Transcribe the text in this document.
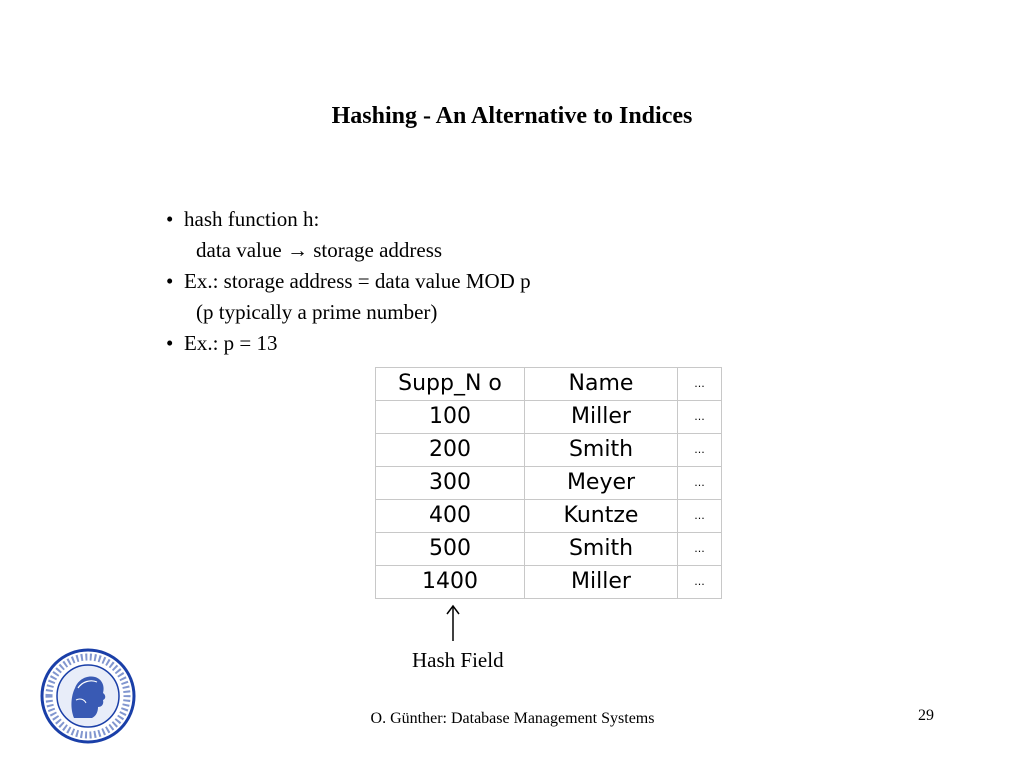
Hashing - An Alternative to Indices
• hash function h:
data value → storage address
• Ex.: storage address = data value MOD p
(p typically a prime number)
• Ex.: p = 13
Supp_N o	Name	...
100	Miller	...
200	Smith	...
300	Meyer	...
400	Kuntze	...
500	Smith	...
1400	Miller	...
Hash Field
O. Günther: Database Management Systems	29
